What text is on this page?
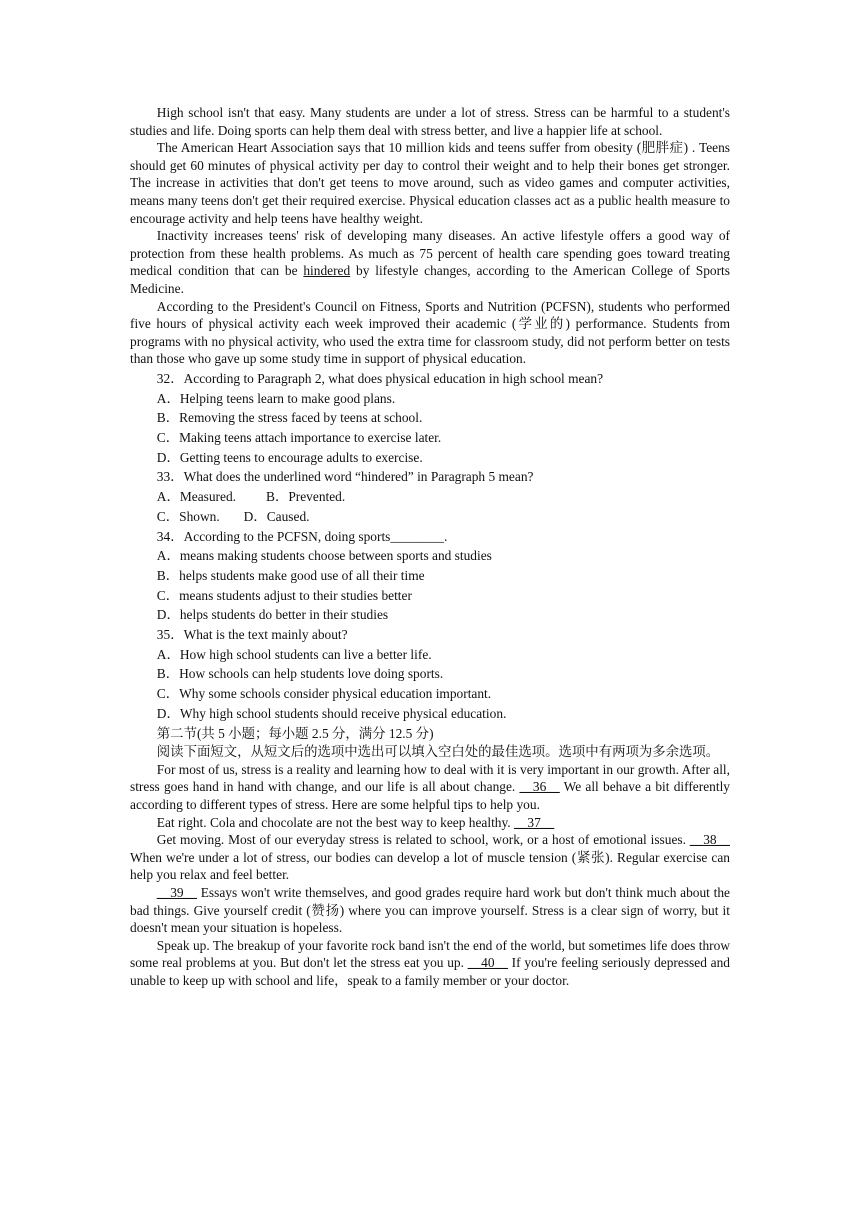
High school isn't that easy. Many students are under a lot of stress. Stress can be harmful to a student's studies and life. Doing sports can help them deal with stress better, and live a happier life at school.

The American Heart Association says that 10 million kids and teens suffer from obesity (肥胖症) . Teens should get 60 minutes of physical activity per day to control their weight and to help their bones get stronger. The increase in activities that don't get teens to move around, such as video games and computer activities, means many teens don't get their required exercise. Physical education classes act as a public health measure to encourage activity and help teens have healthy weight.

Inactivity increases teens' risk of developing many diseases. An active lifestyle offers a good way of protection from these health problems. As much as 75 percent of health care spending goes toward treating medical condition that can be hindered by lifestyle changes, according to the American College of Sports Medicine.

According to the President's Council on Fitness, Sports and Nutrition (PCFSN), students who performed five hours of physical activity each week improved their academic (学业的) performance. Students from programs with no physical activity, who used the extra time for classroom study, did not perform better on tests than those who gave up some study time in support of physical education.

32．According to Paragraph 2, what does physical education in high school mean?

A．Helping teens learn to make good plans.

B．Removing the stress faced by teens at school.

C．Making teens attach importance to exercise later.

D．Getting teens to encourage adults to exercise.

33．What does the underlined word “hindered” in Paragraph 5 mean?

A．Measured. B．Prevented.

C．Shown. D．Caused.

34．According to the PCFSN, doing sports________.

A．means making students choose between sports and studies

B．helps students make good use of all their time

C．means students adjust to their studies better

D．helps students do better in their studies

35．What is the text mainly about?

A．How high school students can live a better life.

B．How schools can help students love doing sports.

C．Why some schools consider physical education important.

D．Why high school students should receive physical education.

第二节(共 5 小题；每小题 2.5 分，满分 12.5 分)

阅读下面短文，从短文后的选项中选出可以填入空白处的最佳选项。选项中有两项为多余选项。

For most of us, stress is a reality and learning how to deal with it is very important in our growth. After all, stress goes hand in hand with change, and our life is all about change. __36__ We all behave a bit differently according to different types of stress. Here are some helpful tips to help you.

Eat right. Cola and chocolate are not the best way to keep healthy. __37__

Get moving. Most of our everyday stress is related to school, work, or a host of emotional issues. __38__ When we're under a lot of stress, our bodies can develop a lot of muscle tension (紧张). Regular exercise can help you relax and feel better.

__39__ Essays won't write themselves, and good grades require hard work but don't think much about the bad things. Give yourself credit (赞扬) where you can improve yourself. Stress is a clear sign of worry, but it doesn't mean your situation is hopeless.

Speak up. The breakup of your favorite rock band isn't the end of the world, but sometimes life does throw some real problems at you. But don't let the stress eat you up. __40__ If you're feeling seriously depressed and unable to keep up with school and life，speak to a family member or your doctor.
